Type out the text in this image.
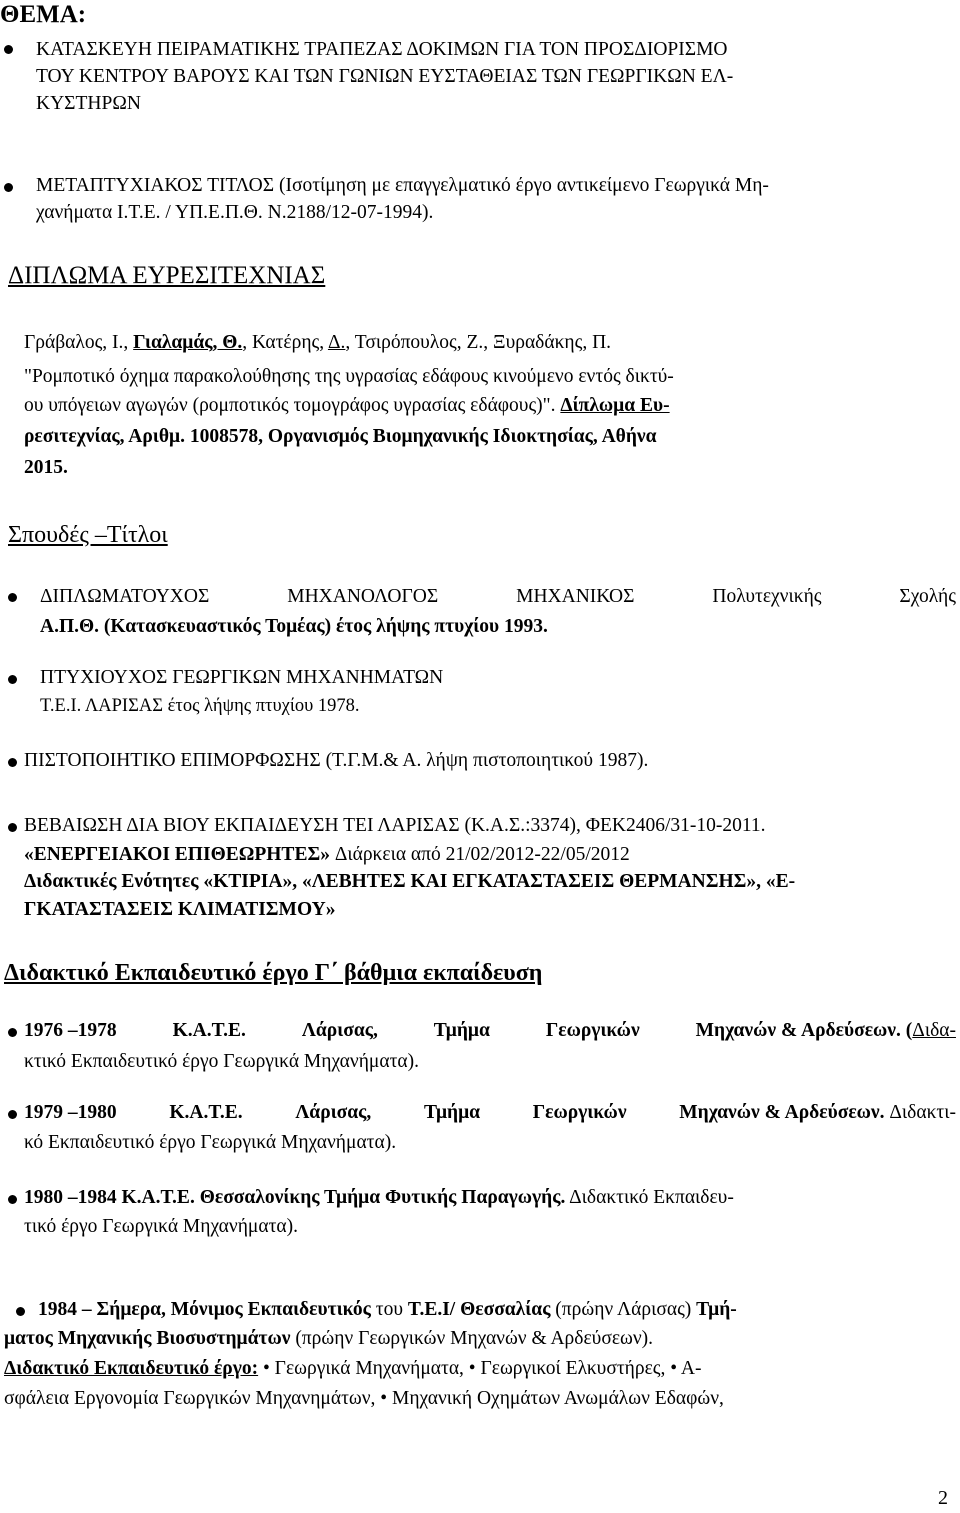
ΘΕΜΑ:
ΚΑΤΑΣΚΕΥΗ ΠΕΙΡΑΜΑΤΙΚΗΣ ΤΡΑΠΕΖΑΣ ΔΟΚΙΜΩΝ ΓΙΑ ΤΟΝ ΠΡΟΣΔΙΟΡΙΣΜΟ
ΤΟΥ ΚΕΝΤΡΟΥ ΒΑΡΟΥΣ ΚΑΙ ΤΩΝ ΓΩΝΙΩΝ ΕΥΣΤΑΘΕΙΑΣ ΤΩΝ ΓΕΩΡΓΙΚΩΝ ΕΛ-
ΚΥΣΤΗΡΩΝ
ΜΕΤΑΠΤΥΧΙΑΚΟΣ ΤΙΤΛΟΣ (Ισοτίμηση με επαγγελματικό έργο αντικείμενο Γεωργικά Μη-
χανήματα Ι.Τ.Ε. / ΥΠ.Ε.Π.Θ. Ν.2188/12-07-1994).
ΔΙΠΛΩΜΑ ΕΥΡΕΣΙΤΕΧΝΙΑΣ
Γράβαλος, Ι., Γιαλαμάς, Θ., Κατέρης, Δ., Τσιρόπουλος, Ζ., Ξυραδάκης, Π.
"Ρομποτικό όχημα παρακολούθησης της υγρασίας εδάφους κινούμενο εντός δικτύ-
ου υπόγειων αγωγών (ρομποτικός τομογράφος υγρασίας εδάφους)". Δίπλωμα Ευ-
ρεσιτεχνίας, Αριθμ. 1008578, Οργανισμός Βιομηχανικής Ιδιοκτησίας, Αθήνα
2015.
Σπουδές –Τίτλοι
ΔΙΠΛΩΜΑΤΟΥΧΟΣ	ΜΗΧΑΝΟΛΟΓΟΣ	ΜΗΧΑΝΙΚΟΣ	Πολυτεχνικής	Σχολής
Α.Π.Θ. (Κατασκευαστικός Τομέας) έτος λήψης πτυχίου 1993.
ΠΤΥΧΙΟΥΧΟΣ ΓΕΩΡΓΙΚΩΝ ΜΗΧΑΝΗΜΑΤΩΝ
Τ.Ε.Ι. ΛΑΡΙΣΑΣ έτος λήψης πτυχίου 1978.
ΠΙΣΤΟΠΟΙΗΤΙΚΟ ΕΠΙΜΟΡΦΩΣΗΣ (Τ.Γ.Μ.& Α. λήψη πιστοποιητικού 1987).
ΒΕΒΑΙΩΣΗ ΔΙΑ ΒΙΟΥ ΕΚΠΑΙΔΕΥΣΗ ΤΕΙ ΛΑΡΙΣΑΣ (Κ.Α.Σ.:3374), ΦΕΚ2406/31-10-2011.
«ΕΝΕΡΓΕΙΑΚΟΙ ΕΠΙΘΕΩΡΗΤΕΣ» Διάρκεια από 21/02/2012-22/05/2012
Διδακτικές Ενότητες «ΚΤΙΡΙΑ», «ΛΕΒΗΤΕΣ ΚΑΙ ΕΓΚΑΤΑΣΤΑΣΕΙΣ ΘΕΡΜΑΝΣΗΣ», «Ε-
ΓΚΑΤΑΣΤΑΣΕΙΣ ΚΛΙΜΑΤΙΣΜΟΥ»
Διδακτικό Εκπαιδευτικό έργο Γ΄ βάθμια εκπαίδευση
1976 –1978	Κ.Α.Τ.Ε.	Λάρισας,	Τμήμα	Γεωργικών	Μηχανών & Αρδεύσεων. (Διδα-
κτικό Εκπαιδευτικό έργο Γεωργικά Μηχανήματα).
1979 –1980	Κ.Α.Τ.Ε.	Λάρισας,	Τμήμα	Γεωργικών	Μηχανών & Αρδεύσεων. Διδακτι-
κό Εκπαιδευτικό έργο Γεωργικά Μηχανήματα).
1980 –1984 Κ.Α.Τ.Ε. Θεσσαλονίκης Τμήμα Φυτικής Παραγωγής. Διδακτικό Εκπαιδευ-
τικό έργο Γεωργικά Μηχανήματα).
1984 – Σήμερα, Μόνιμος Εκπαιδευτικός του Τ.Ε.Ι/ Θεσσαλίας (πρώην Λάρισας) Τμή-
ματος Μηχανικής Βιοσυστημάτων (πρώην Γεωργικών Μηχανών & Αρδεύσεων).
Διδακτικό Εκπαιδευτικό έργο: • Γεωργικά Μηχανήματα, • Γεωργικοί Ελκυστήρες, • Α-
σφάλεια Εργονομία Γεωργικών Μηχανημάτων, • Μηχανική Οχημάτων Ανωμάλων Εδαφών,
2
